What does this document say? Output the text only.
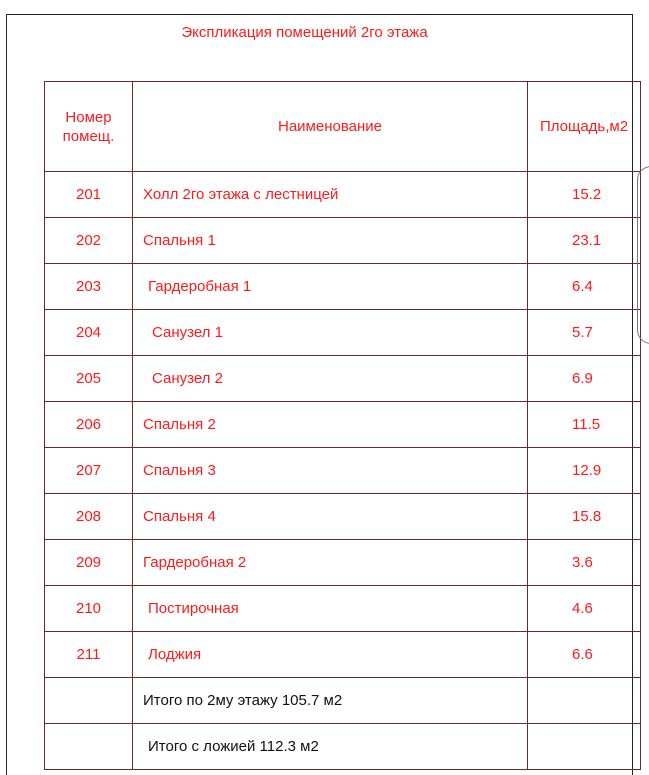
Экспликация помещений 2го этажа
Номер
помещ.	Наименование	Площадь,м2

201	Холл 2го этажа с лестницей	15.2

202	Спальня 1	23.1

203	Гардеробная 1	6.4

204	Санузел 1	5.7

205	Санузел 2	6.9

206	Спальня 2	11.5

207	Спальня 3	12.9

208	Спальня 4	15.8

209	Гардеробная 2	3.6

210	Постирочная	4.6

211	Лоджия	6.6

	Итого по 2му этажу 105.7 м2	
	Итого с ложией 112.3 м2	
